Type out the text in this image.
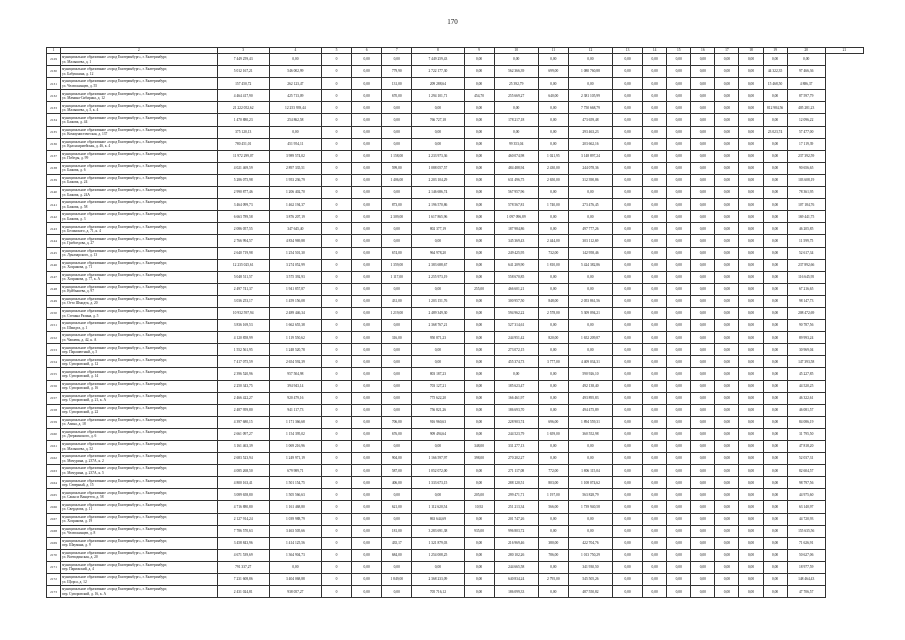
170
1	2	3	4	5	6	7	8	9	10	11	12	13	14	15	16	17	18	19	20	21
2129	муниципальное образование «город Екатеринбург», г. Екатеринбург,
ул. Малышева, д. 1	7 449 259,43	0,00	0	0,00	0,00	7 449 259,43	0,00	0,00	0,00	0,00	0,00	0,00	0,00	0,00	0,00	0,00	0,00	0,00	
2130	муниципальное образование «город Екатеринбург», г. Екатеринбург,
ул. Бабушкина, д. 12	5 012 167,21	546 002,99	0	0,00	779,90	2 722 177,30	0,00	562 366,39	699,00	1 080 760,88	0,00	0,00	0,00	0,00	0,00	0,00	44 322,35	97 466,36	
2131	муниципальное образование «город Екатеринбург», г. Екатеринбург,
ул. Челюскинцев, д. 55	157 450,72	262 123,47	0	0,00	131,00	209 288,64	0,00	25 392,79	0,00	0,00	0,00	0,00	0,00	0,00	0,00	0,00	15 468,50	4 886,37	
2132	муниципальное образование «город Екатеринбург», г. Екатеринбург,
ул. Мамина-Сибиряка, д. 12	4 464 417,90	425 713,09	0	0,00	670,00	1 294 101,71	454,70	255 669,27	640,00	2 381 105,99	0,00	0,00	0,00	0,00	0,00	0,00	0,00	87 597,79	
2133	муниципальное образование «город Екатеринбург», г. Екатеринбург,
ул. Малышева, д. 5, к. 4	21 222 052,62	12 253 939,44	0	0,00	0,00	0,00	0,00	0,00	0,00	7 750 668,79	0,00	0,00	0,00	0,00	0,00	0,00	812 984,56	405 281,23	
2134	муниципальное образование «город Екатеринбург», г. Екатеринбург,
ул. Бажова, д. 44	1 470 880,23	254 862,58	0	0,00	0,00	766 727,18	0,00	178 217,18	0,00	473 659,48	0,00	0,00	0,00	0,00	0,00	0,00	0,00	12 096,22	
2135	муниципальное образование «город Екатеринбург», г. Екатеринбург,
ул. Коммунистическая, д. 137	375 120,13	0,00	0	0,00	0,00	0,00	0,00	0,00	0,00	293 463,23	0,00	0,00	0,00	0,00	0,00	0,00	23 023,74	57 477,00	
2136	муниципальное образование «город Екатеринбург», г. Екатеринбург,
ул. Красноармейская, д. 46, к. 4	780 451,01	451 954,11	0	0,00	0,00	0,00	0,00	99 353,04	0,00	203 662,16	0,00	0,00	0,00	0,00	0,00	0,00	0,00	17 119,39	
2137	муниципальное образование «город Екатеринбург», г. Екатеринбург,
ул. Победы, д. 99	11 972 299,07	3 989 574,02	0	0,00	1 158,00	2 233 973,36	0,00	460 074,98	1 021,95	3 148 897,24	0,00	0,00	0,00	0,00	0,00	0,00	0,00	237 392,59	
2138	муниципальное образование «город Екатеринбург», г. Екатеринбург,
ул. Бажова, д. 6	4 021 469,59	2 897 335,51	0	0,00	599,00	1 088 057,57	0,00	484 488,94	2 430,00	244 078,36	0,00	0,00	0,00	0,00	0,00	0,00	0,00	90 656,65	
2139	муниципальное образование «город Екатеринбург», г. Екатеринбург,
ул. Бажова, д. 24	5 286 075,98	1 953 236,79	0	0,00	1 406,00	2 203 104,29	0,00	631 496,75	2 650,00	312 390,86	0,00	0,00	0,00	0,00	0,00	0,00	0,00	103 608,19	
2140	муниципальное образование «город Екатеринбург», г. Екатеринбург,
ул. Бажова, д. 24А	2 990 877,46	1 206 402,70	0	0,00	0,00	2 146 686,74	0,00	567 957,96	0,00	0,00	0,00	0,00	0,00	0,00	0,00	0,00	0,00	78 361,95	
2141	муниципальное образование «город Екатеринбург», г. Екатеринбург,
ул. Бажова, д. 58	3 464 099,73	1 462 194,37	0	0,00	873,00	2 196 570,86	0,00	578 567,81	1 740,00	273 476,45	0,00	0,00	0,00	0,00	0,00	0,00	0,00	107 184,76	
2142	муниципальное образование «город Екатеринбург», г. Екатеринбург,
ул. Бажова, д. 3	6 663 789,58	3 876 207,19	0	0,00	2 309,00	1 617 865,96	0,00	1 097 096,89	0,00	0,00	0,00	0,00	0,00	0,00	0,00	0,00	0,00	169 441,75	
2143	муниципальное образование «город Екатеринбург», г. Екатеринбург,
ул. Белинского, д. 71, к. 4	2 086 057,55	347 645,40	0	0,00	0,00	802 377,19	0,00	187 984,86	0,00	497 777,26	0,00	0,00	0,00	0,00	0,00	0,00	0,00	46 205,85	
2144	муниципальное образование «город Екатеринбург», г. Екатеринбург,
ул. Грибоедова, д. 27	2 766 994,57	4 834 969,88	0	0,00	0,00	0,00	0,00	345 369,43	2 444,00	303 112,69	0,00	0,00	0,00	0,00	0,00	0,00	0,00	11 599,75	
2145	муниципальное образование «город Екатеринбург», г. Екатеринбург,
ул. Луначарского, д. 13	2 640 719,98	1 254 501,30	0	0,00	674,00	964 978,20	0,00	249 425,95	732,00	142 958,46	0,00	0,00	0,00	0,00	0,00	0,00	0,00	52 617,34	
2146	муниципальное образование «город Екатеринбург», г. Екатеринбург,
ул. Хохрякова, д. 71	12 235 025,61	3 274 052,99	0	0,00	1 359,00	2 383 688,67	0,00	641 209,90	1 810,00	5 424 382,86	0,00	0,00	0,00	0,00	0,00	0,00	0,00	237 892,66	
2147	муниципальное образование «город Екатеринбург», г. Екатеринбург,
ул. Хохрякова, д. 77, к. А	5 048 511,57	3 575 392,93	0	0,00	1 117,00	2 255 973,19	0,00	558 670,85	0,00	0,00	0,00	0,00	0,00	0,00	0,00	0,00	0,00	116 645,95	
2148	муниципальное образование «город Екатеринбург», г. Екатеринбург,
ул. Куйбышева, д. 97	2 497 741,37	1 941 857,87	0	0,00	0,00	0,00	255,00	466 601,21	0,00	0,00	0,00	0,00	0,00	0,00	0,00	0,00	0,00	67 216,65	
2149	муниципальное образование «город Екатеринбург», г. Екатеринбург,
ул. Отто Шмидта, д. 20	3 036 253,17	1 459 156,08	0	0,00	431,00	1 203 151,76	0,00	300 957,50	848,00	2 053 861,56	0,00	0,00	0,00	0,00	0,00	0,00	0,00	98 147,73	
2150	муниципальное образование «город Екатеринбург», г. Екатеринбург,
ул. Степана Разина, д. 5	10 932 597,94	2 489 446,34	0	0,00	1 219,00	2 489 349,30	0,00	594 962,22	2 578,00	5 309 094,21	0,00	0,00	0,00	0,00	0,00	0,00	0,00	208 472,69	
2151	муниципальное образование «город Екатеринбург», г. Екатеринбург,
ул. Шмидта, д. 1	3 836 169,53	1 662 655,38	0	0,00	0,00	2 368 767,21	0,00	527 314,61	0,00	0,00	0,00	0,00	0,00	0,00	0,00	0,00	0,00	90 787,56	
2152	муниципальное образование «город Екатеринбург», г. Екатеринбург,
ул. Чапаева, д. 42, к. А	4 120 858,99	1 119 550,62	0	0,00	316,00	950 871,23	0,00	244 951,42	820,00	1 652 209,87	0,00	0,00	0,00	0,00	0,00	0,00	0,00	89 993,24	
2153	муниципальное образование «город Екатеринбург», г. Екатеринбург,
пер. Парашютный, д. 5	1 552 561,95	1 248 520,78	0	0,00	0,00	0,00	0,00	273 072,15	0,00	0,00	0,00	0,00	0,00	0,00	0,00	0,00	0,00	30 969,04	
2154	муниципальное образование «город Екатеринбург», г. Екатеринбург,
пер. Суворовский, д. 12	7 417 075,59	2 654 592,39	0	0,00	0,00	0,00	0,00	455 374,73	3 777,00	4 409 034,31	0,00	0,00	0,00	0,00	0,00	0,00	0,00	147 393,58	
2155	муниципальное образование «город Екатеринбург», г. Екатеринбург,
пер. Суворовский, д. 14	2 396 520,96	957 504,98	0	0,00	0,00	803 187,23	0,00	0,00	0,00	590 926,10	0,00	0,00	0,00	0,00	0,00	0,00	0,00	45 227,85	
2156	муниципальное образование «город Екатеринбург», г. Екатеринбург,
пер. Суворовский, д. 16	2 250 343,75	394 943,14	0	0,00	0,00	703 127,21	0,00	185 623,47	0,00	492 138,40	0,00	0,00	0,00	0,00	0,00	0,00	0,00	44 520,25	
2157	муниципальное образование «город Екатеринбург», г. Екатеринбург,
пер. Суворовский, д. 21, к. А	2 466 422,27	920 479,16	0	0,00	0,00	775 622,20	0,00	166 461,97	0,00	493 895,83	0,00	0,00	0,00	0,00	0,00	0,00	0,00	46 322,61	
2158	муниципальное образование «город Екатеринбург», г. Екатеринбург,
пер. Суворовский, д. 22	2 487 959,80	941 117,73	0	0,00	0,00	756 821,26	0,00	186 693,70	0,00	494 475,89	0,00	0,00	0,00	0,00	0,00	0,00	0,00	46 081,57	
2159	муниципальное образование «город Екатеринбург», г. Екатеринбург,
ул. Азина, д. 18	4 397 680,15	1 171 366,68	0	0,00	706,00	916 960,63	0,00	228 903,74	696,00	1 894 559,31	0,00	0,00	0,00	0,00	0,00	0,00	0,00	84 086,19	
2160	муниципальное образование «город Екатеринбург», г. Екатеринбург,
ул. Дзержинского, д. 6	2 661 097,27	1 154 395,02	0	0,00	676,00	909 494,64	0,00	244 523,79	1 659,00	360 552,98	0,00	0,00	0,00	0,00	0,00	0,00	0,00	31 795,50	
2161	муниципальное образование «город Екатеринбург», г. Екатеринбург,
ул. Малышева, д. 52	3 161 463,39	1 069 216,96	0	0,00	0,00	0,00	348,00	331 277,13	0,00	0,00	0,00	0,00	0,00	0,00	0,00	0,00	0,00	47 818,20	
2162	муниципальное образование «город Екатеринбург», г. Екатеринбург,
ул. Мичурина, д. 237А, к. 2	2 683 523,94	1 249 971,19	0	0,00	904,00	1 166 597,97	398,00	270 202,27	0,00	0,00	0,00	0,00	0,00	0,00	0,00	0,00	0,00	52 037,31	
2163	муниципальное образование «город Екатеринбург», г. Екатеринбург,
ул. Мичурина, д. 237А, к. 5	4 085 268,50	679 989,71	0	0,00	587,00	1 052 072,00	0,00	271 117,08	772,00	1 806 115,04	0,00	0,00	0,00	0,00	0,00	0,00	0,00	82 604,57	
2164	муниципальное образование «город Екатеринбург», г. Екатеринбург,
пер. Северный, д. 15	4 800 163,41	1 501 154,75	0	0,00	406,00	1 333 673,15	0,00	288 120,51	803,00	1 108 074,62	0,00	0,00	0,00	0,00	0,00	0,00	0,00	98 797,56	
2165	муниципальное образование «город Екатеринбург», г. Екатеринбург,
ул. Сакко и Ванцетти, д. 58	3 089 658,80	1 505 566,63	0	0,00	0,00	0,00	205,00	299 471,71	1 197,00	563 828,79	0,00	0,00	0,00	0,00	0,00	0,00	0,00	44 975,60	
2166	муниципальное образование «город Екатеринбург», г. Екатеринбург,
ул. Свердлова, д. 11	4 716 880,80	1 161 468,80	0	0,00	621,00	1 112 620,54	10,92	251 213,34	566,00	1 739 940,58	0,00	0,00	0,00	0,00	0,00	0,00	0,00	63 140,97	
2167	муниципальное образование «город Екатеринбург», г. Екатеринбург,
ул. Хохрякова, д. 19	2 127 914,24	1 039 988,79	0	0,00	0,00	863 644,69	0,00	201 747,26	0,00	0,00	0,00	0,00	0,00	0,00	0,00	0,00	0,00	44 720,93	
2168	муниципальное образование «город Екатеринбург», г. Екатеринбург,
ул. Челюскинцев, д. 8	7 786 570,63	3 463 505,66	0	0,00	181,00	3 283 691,38	935,00	996 803,72	0,00	0,00	0,00	0,00	0,00	0,00	0,00	0,00	0,00	155 635,56	
2169	муниципальное образование «город Екатеринбург», г. Екатеринбург,
пер. Шаумяна, д. 9	3 458 843,96	1 414 125,56	0	0,00	435,17	1 321 879,03	0,00	216 969,46	380,00	422 704,76	0,00	0,00	0,00	0,00	0,00	0,00	0,00	71 626,91	
2170	муниципальное образование «город Екатеринбург», г. Екатеринбург,
ул. Воеводинская, д. 20	4 671 539,69	1 364 904,73	0	0,00	684,00	1 254 008,25	0,00	280 102,26	786,00	1 013 750,29	0,00	0,00	0,00	0,00	0,00	0,00	0,00	50 627,06	
2171	муниципальное образование «город Екатеринбург», г. Екатеринбург,
пер. Парижский, д. 4	791 337,27	0,00	0	0,00	0,00	0,00	0,00	244 665,58	0,00	341 930,50	0,00	0,00	0,00	0,00	0,00	0,00	0,00	18 977,59	
2172	муниципальное образование «город Екатеринбург», г. Екатеринбург,
ул. Щорса, д. 12	7 231 608,86	3 404 068,88	0	0,00	1 849,00	2 368 233,09	0,00	640 834,24	2 795,00	545 505,26	0,00	0,00	0,00	0,00	0,00	0,00	0,00	148 464,43	
2173	муниципальное образование «город Екатеринбург», г. Екатеринбург,
пер. Суворовский, д. 16, к. А	2 431 024,81	938 057,27	0	0,00	0,00	705 716,12	0,00	186 099,33	0,00	487 550,82	0,00	0,00	0,00	0,00	0,00	0,00	0,00	47 706,57	
